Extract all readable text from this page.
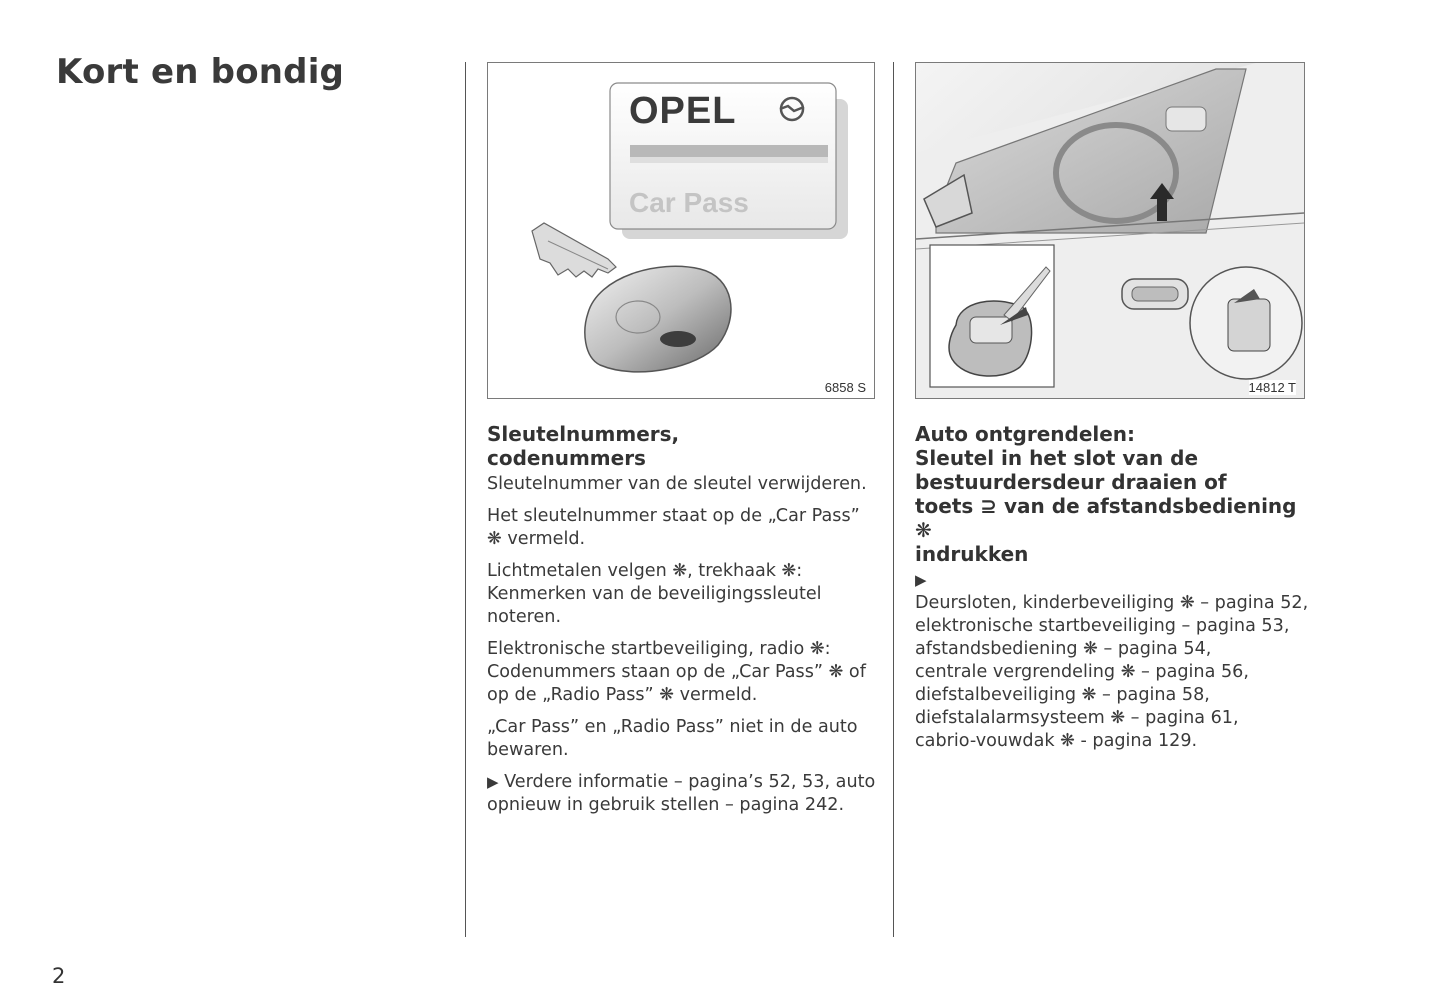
Kort en bondig
6858 S
OPEL
Car Pass
14812 T
Sleutelnummers,
codenummers

Sleutelnummer van de sleutel verwijderen.

Het sleutelnummer staat op de „Car Pass” ❋ vermeld.

Lichtmetalen velgen ❋, trekhaak ❋: Kenmerken van de beveiligingssleutel noteren.

Elektronische startbeveiliging, radio ❋: Codenummers staan op de „Car Pass” ❋ of op de „Radio Pass” ❋ vermeld.

„Car Pass” en „Radio Pass” niet in de auto bewaren.

▶ Verdere informatie – pagina’s 52, 53, auto opnieuw in gebruik stellen – pagina 242.

Auto ontgrendelen:
Sleutel in het slot van de
bestuurdersdeur draaien of
toets ⊇ van de afstandsbediening ❋
indrukken
▶
Deursloten, kinderbeveiliging ❋ – pagina 52,
elektronische startbeveiliging – pagina 53,
afstandsbediening ❋ – pagina 54,
centrale vergrendeling ❋ – pagina 56,
diefstalbeveiliging ❋ – pagina 58,
diefstalalarmsysteem ❋ – pagina 61,
cabrio-vouwdak ❋ - pagina 129.
2
